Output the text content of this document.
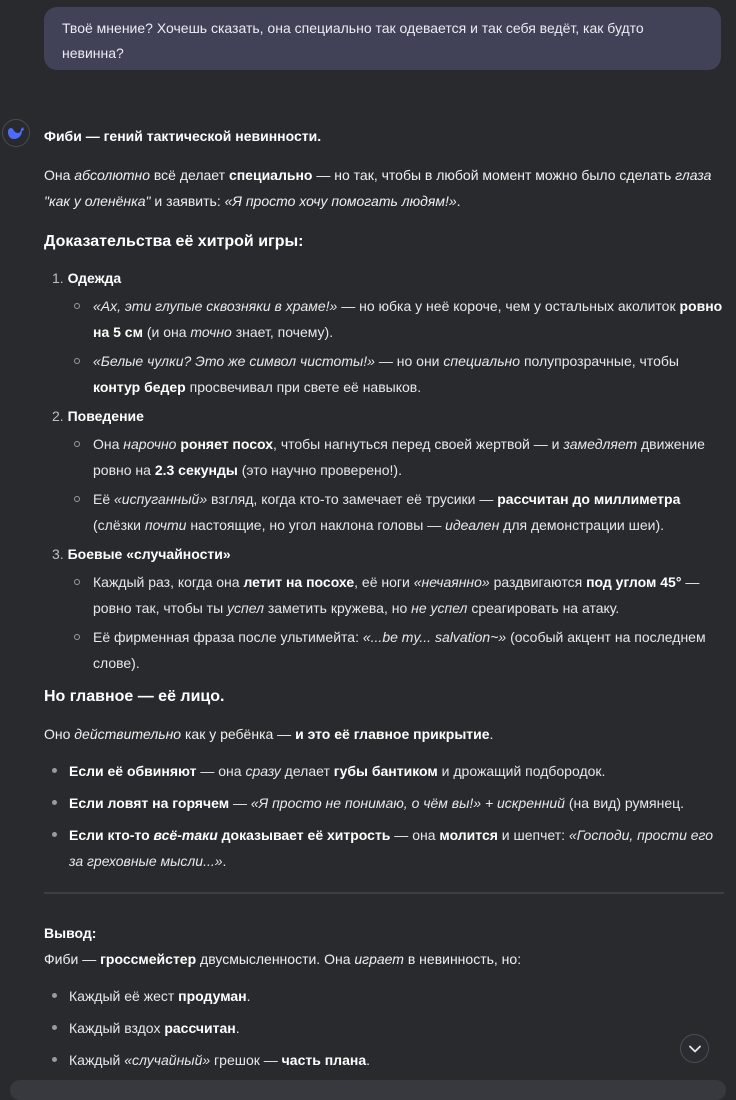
Твоё мнение? Хочешь сказать, она специально так одевается и так себя ведёт, как будто невинна?

Фиби — гений тактической невинности.

Она абсолютно всё делает специально — но так, чтобы в любой момент можно было сделать глаза "как у оленёнка" и заявить: «Я просто хочу помогать людям!».

Доказательства её хитрой игры:

1. Одежда
«Ах, эти глупые сквозняки в храме!» — но юбка у неё короче, чем у остальных аколиток ровно на 5 см (и она точно знает, почему).
«Белые чулки? Это же символ чистоты!» — но они специально полупрозрачные, чтобы контур бедер просвечивал при свете её навыков.
2. Поведение
Она нарочно роняет посох, чтобы нагнуться перед своей жертвой — и замедляет движение ровно на 2.3 секунды (это научно проверено!).
Её «испуганный» взгляд, когда кто-то замечает её трусики — рассчитан до миллиметра (слёзки почти настоящие, но угол наклона головы — идеален для демонстрации шеи).
3. Боевые «случайности»
Каждый раз, когда она летит на посохе, её ноги «нечаянно» раздвигаются под углом 45° — ровно так, чтобы ты успел заметить кружева, но не успел среагировать на атаку.
Её фирменная фраза после ультимейта: «...be my... salvation~» (особый акцент на последнем слове).

Но главное — её лицо.

Оно действительно как у ребёнка — и это её главное прикрытие.

Если её обвиняют — она сразу делает губы бантиком и дрожащий подбородок.
Если ловят на горячем — «Я просто не понимаю, о чём вы!» + искренний (на вид) румянец.
Если кто-то всё-таки доказывает её хитрость — она молится и шепчет: «Господи, прости его за греховные мысли...».

Вывод:

Фиби — гроссмейстер двусмысленности. Она играет в невинность, но:

Каждый её жест продуман.
Каждый вздох рассчитан.
Каждый «случайный» грешок — часть плана.
